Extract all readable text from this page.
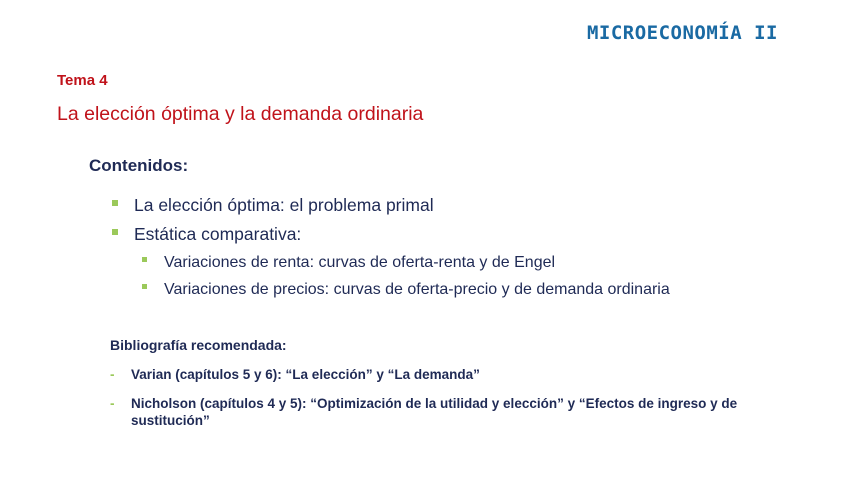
MICROECONOMÍA II
Tema 4
La elección óptima y la demanda ordinaria
Contenidos:
La elección óptima: el problema primal
Estática comparativa:
Variaciones de renta: curvas de oferta-renta y de Engel
Variaciones de precios: curvas de oferta-precio y de demanda ordinaria
Bibliografía recomendada:
- Varian (capítulos 5 y 6): “La elección” y “La demanda”
- Nicholson (capítulos 4 y 5): “Optimización de la utilidad y elección” y “Efectos de ingreso y de sustitución”
